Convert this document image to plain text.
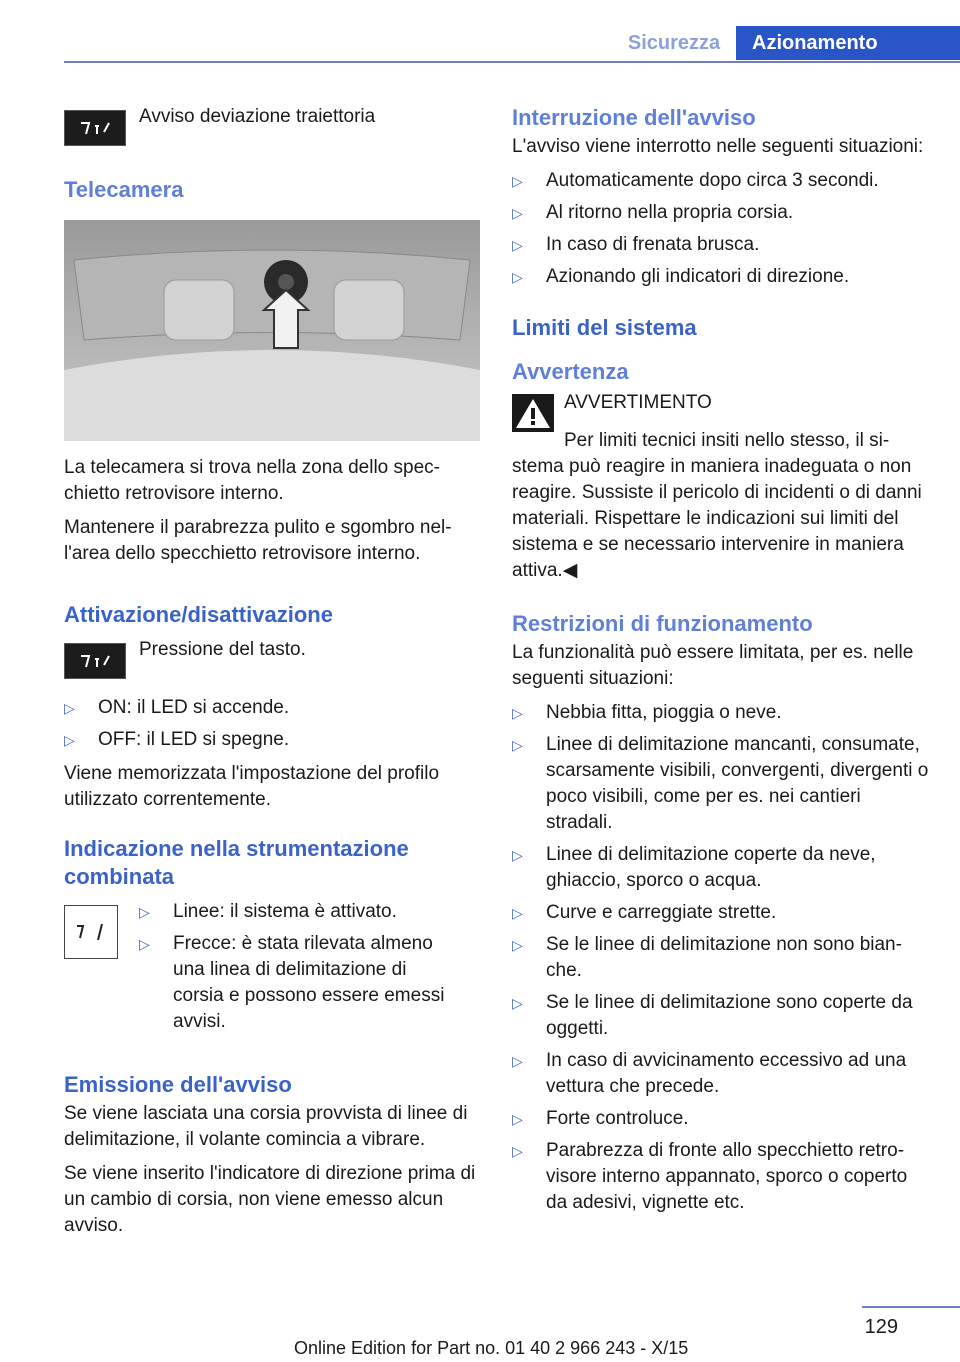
Sicurezza	Azionamento
Avviso deviazione traiettoria
Telecamera

La telecamera si trova nella zona dello specchietto retrovisore interno.

Mantenere il parabrezza pulito e sgombro nell'area dello specchietto retrovisore interno.

Attivazione/disattivazione
Pressione del tasto.
▷ ON: il LED si accende.
▷ OFF: il LED si spegne.

Viene memorizzata l'impostazione del profilo utilizzato correntemente.

Indicazione nella strumentazione combinata
▷ Linee: il sistema è attivato.
▷ Frecce: è stata rilevata almeno una linea di delimitazione di corsia e possono essere emessi avvisi.
Emissione dell'avviso

Se viene lasciata una corsia provvista di linee di delimitazione, il volante comincia a vibrare.

Se viene inserito l'indicatore di direzione prima di un cambio di corsia, non viene emesso alcun avviso.

Interruzione dell'avviso

L'avviso viene interrotto nelle seguenti situazioni:

▷ Automaticamente dopo circa 3 secondi.
▷ Al ritorno nella propria corsia.
▷ In caso di frenata brusca.
▷ Azionando gli indicatori di direzione.
Limiti del sistema
Avvertenza
AVVERTIMENTO

Per limiti tecnici insiti nello stesso, il sistema può reagire in maniera inadeguata o non reagire. Sussiste il pericolo di incidenti o di danni materiali. Rispettare le indicazioni sui limiti del sistema e se necessario intervenire in maniera attiva.◀

Restrizioni di funzionamento

La funzionalità può essere limitata, per es. nelle seguenti situazioni:

▷ Nebbia fitta, pioggia o neve.
▷ Linee di delimitazione mancanti, consumate, scarsamente visibili, convergenti, divergenti o poco visibili, come per es. nei cantieri stradali.
▷ Linee di delimitazione coperte da neve, ghiaccio, sporco o acqua.
▷ Curve e carreggiate strette.
▷ Se le linee di delimitazione non sono bianche.
▷ Se le linee di delimitazione sono coperte da oggetti.
▷ In caso di avvicinamento eccessivo ad una vettura che precede.
▷ Forte controluce.
▷ Parabrezza di fronte allo specchietto retrovisore interno appannato, sporco o coperto da adesivi, vignette etc.
129
Online Edition for Part no. 01 40 2 966 243 - X/15
